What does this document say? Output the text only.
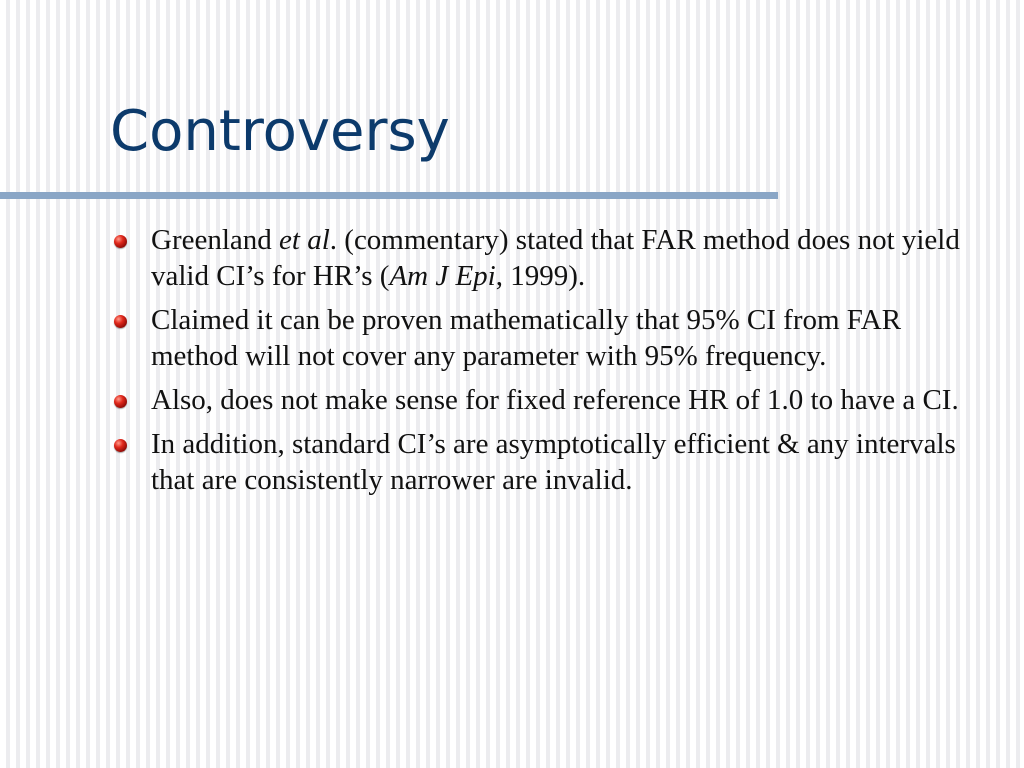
Controversy
Greenland et al. (commentary) stated that FAR method does not yield valid CI’s for HR’s (Am J Epi, 1999).
Claimed it can be proven mathematically that 95% CI from FAR method will not cover any parameter with 95% frequency.
Also, does not make sense for fixed reference HR of 1.0 to have a CI.
In addition, standard CI’s are asymptotically efficient & any intervals that are consistently narrower are invalid.
